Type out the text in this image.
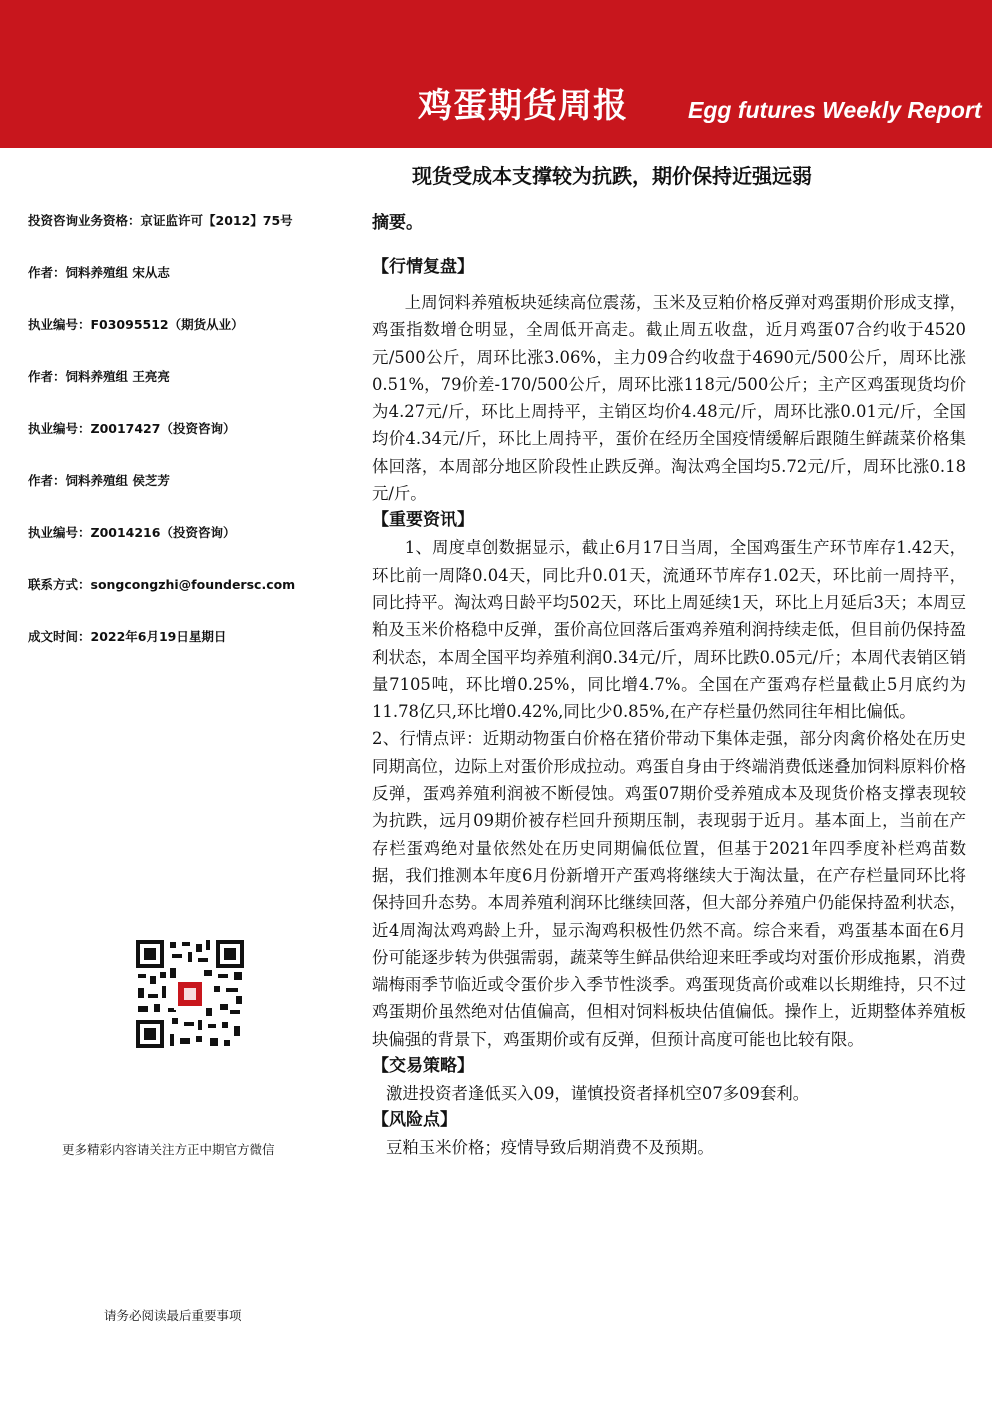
鸡蛋期货周报	Egg futures Weekly Report
现货受成本支撑较为抗跌，期价保持近强远弱
投资咨询业务资格：京证监许可【2012】75号
作者：饲料养殖组 宋从志
执业编号：F03095512（期货从业）
作者：饲料养殖组 王亮亮
执业编号：Z0017427（投资咨询）
作者：饲料养殖组 侯芝芳
执业编号：Z0014216（投资咨询）
联系方式：songcongzhi@foundersc.com
成文时间：2022年6月19日星期日
更多精彩内容请关注方正中期官方微信
请务必阅读最后重要事项
摘要。
【行情复盘】

上周饲料养殖板块延续高位震荡，玉米及豆粕价格反弹对鸡蛋期价形成支撑，鸡蛋指数增仓明显，全周低开高走。截止周五收盘，近月鸡蛋07合约收于4520元/500公斤，周环比涨3.06%，主力09合约收盘于4690元/500公斤，周环比涨0.51%，79价差-170/500公斤，周环比涨118元/500公斤；主产区鸡蛋现货均价为4.27元/斤，环比上周持平，主销区均价4.48元/斤，周环比涨0.01元/斤，全国均价4.34元/斤，环比上周持平，蛋价在经历全国疫情缓解后跟随生鲜蔬菜价格集体回落，本周部分地区阶段性止跌反弹。淘汰鸡全国均5.72元/斤，周环比涨0.18元/斤。

【重要资讯】

1、周度卓创数据显示，截止6月17日当周，全国鸡蛋生产环节库存1.42天，环比前一周降0.04天，同比升0.01天，流通环节库存1.02天，环比前一周持平，同比持平。淘汰鸡日龄平均502天，环比上周延续1天，环比上月延后3天；本周豆粕及玉米价格稳中反弹，蛋价高位回落后蛋鸡养殖利润持续走低，但目前仍保持盈利状态，本周全国平均养殖利润0.34元/斤，周环比跌0.05元/斤；本周代表销区销量7105吨，环比增0.25%，同比增4.7%。全国在产蛋鸡存栏量截止5月底约为11.78亿只,环比增0.42%,同比少0.85%,在产存栏量仍然同往年相比偏低。

2、行情点评：近期动物蛋白价格在猪价带动下集体走强，部分肉禽价格处在历史同期高位，边际上对蛋价形成拉动。鸡蛋自身由于终端消费低迷叠加饲料原料价格反弹，蛋鸡养殖利润被不断侵蚀。鸡蛋07期价受养殖成本及现货价格支撑表现较为抗跌，远月09期价被存栏回升预期压制，表现弱于近月。基本面上，当前在产存栏蛋鸡绝对量依然处在历史同期偏低位置，但基于2021年四季度补栏鸡苗数据，我们推测本年度6月份新增开产蛋鸡将继续大于淘汰量，在产存栏量同环比将保持回升态势。本周养殖利润环比继续回落，但大部分养殖户仍能保持盈利状态，近4周淘汰鸡鸡龄上升，显示淘鸡积极性仍然不高。综合来看，鸡蛋基本面在6月份可能逐步转为供强需弱，蔬菜等生鲜品供给迎来旺季或均对蛋价形成拖累，消费端梅雨季节临近或令蛋价步入季节性淡季。鸡蛋现货高价或难以长期维持，只不过鸡蛋期价虽然绝对估值偏高，但相对饲料板块估值偏低。操作上，近期整体养殖板块偏强的背景下，鸡蛋期价或有反弹，但预计高度可能也比较有限。

【交易策略】

激进投资者逢低买入09，谨慎投资者择机空07多09套利。

【风险点】

豆粕玉米价格；疫情导致后期消费不及预期。
